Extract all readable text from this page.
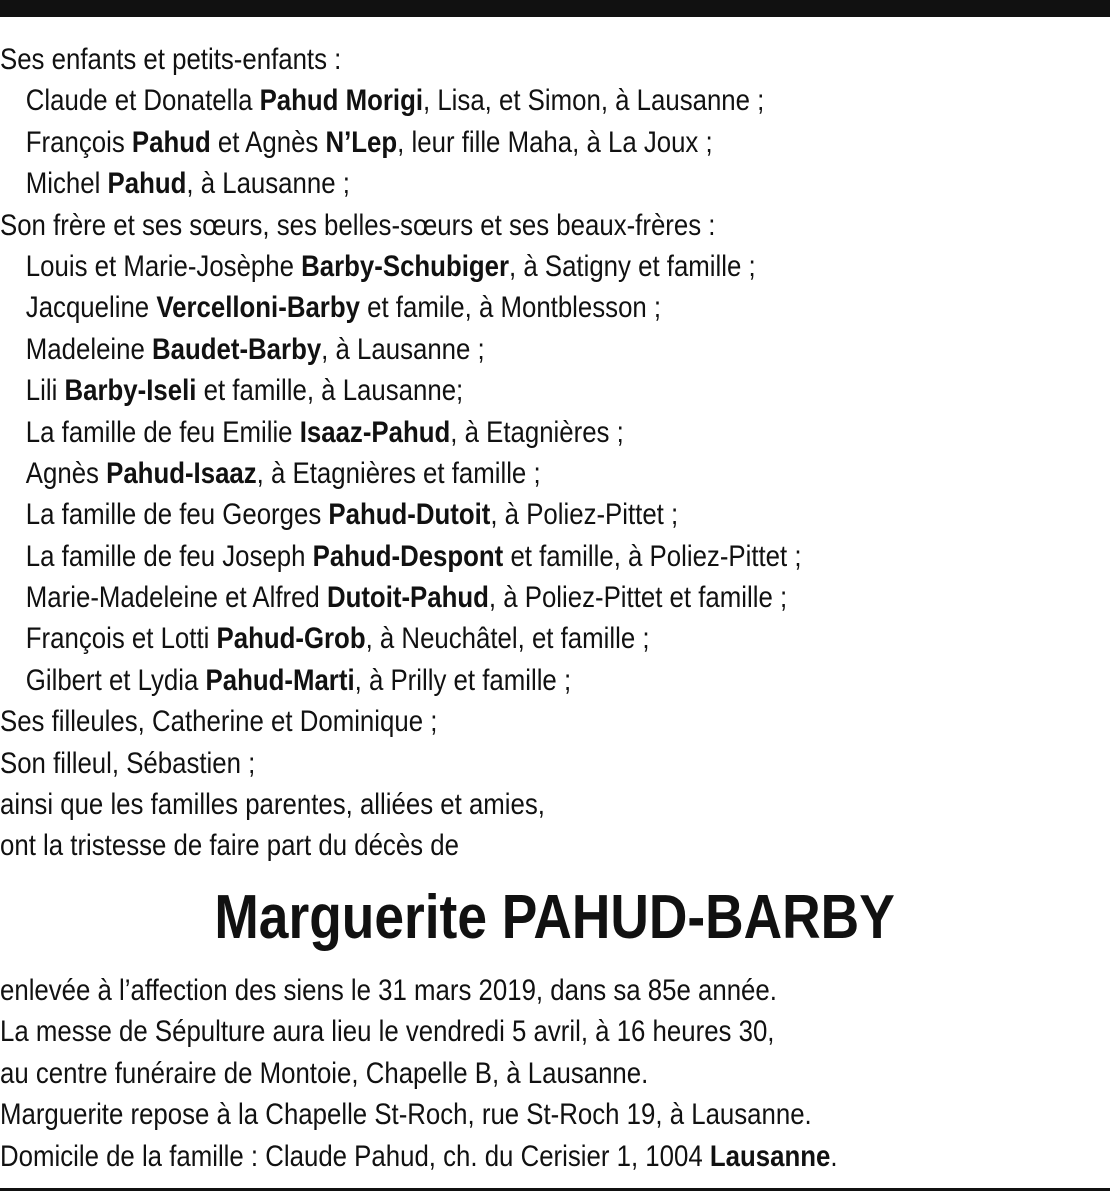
Ses enfants et petits-enfants :
Claude et Donatella Pahud Morigi, Lisa, et Simon, à Lausanne ;
François Pahud et Agnès N’Lep, leur fille Maha, à La Joux ;
Michel Pahud, à Lausanne ;
Son frère et ses sœurs, ses belles-sœurs et ses beaux-frères :
Louis et Marie-Josèphe Barby-Schubiger, à Satigny et famille ;
Jacqueline Vercelloni-Barby et famile, à Montblesson ;
Madeleine Baudet-Barby, à Lausanne ;
Lili Barby-Iseli et famille, à Lausanne;
La famille de feu Emilie Isaaz-Pahud, à Etagnières ;
Agnès Pahud-Isaaz, à Etagnières et famille ;
La famille de feu Georges Pahud-Dutoit, à Poliez-Pittet ;
La famille de feu Joseph Pahud-Despont et famille, à Poliez-Pittet ;
Marie-Madeleine et Alfred Dutoit-Pahud, à Poliez-Pittet et famille ;
François et Lotti Pahud-Grob, à Neuchâtel, et famille ;
Gilbert et Lydia Pahud-Marti, à Prilly et famille ;
Ses filleules, Catherine et Dominique ;
Son filleul, Sébastien ;
ainsi que les familles parentes, alliées et amies,
ont la tristesse de faire part du décès de
Marguerite PAHUD-BARBY
enlevée à l’affection des siens le 31 mars 2019, dans sa 85e année.
La messe de Sépulture aura lieu le vendredi 5 avril, à 16 heures 30,
au centre funéraire de Montoie, Chapelle B, à Lausanne.
Marguerite repose à la Chapelle St-Roch, rue St-Roch 19, à Lausanne.
Domicile de la famille : Claude Pahud, ch. du Cerisier 1, 1004 Lausanne.
